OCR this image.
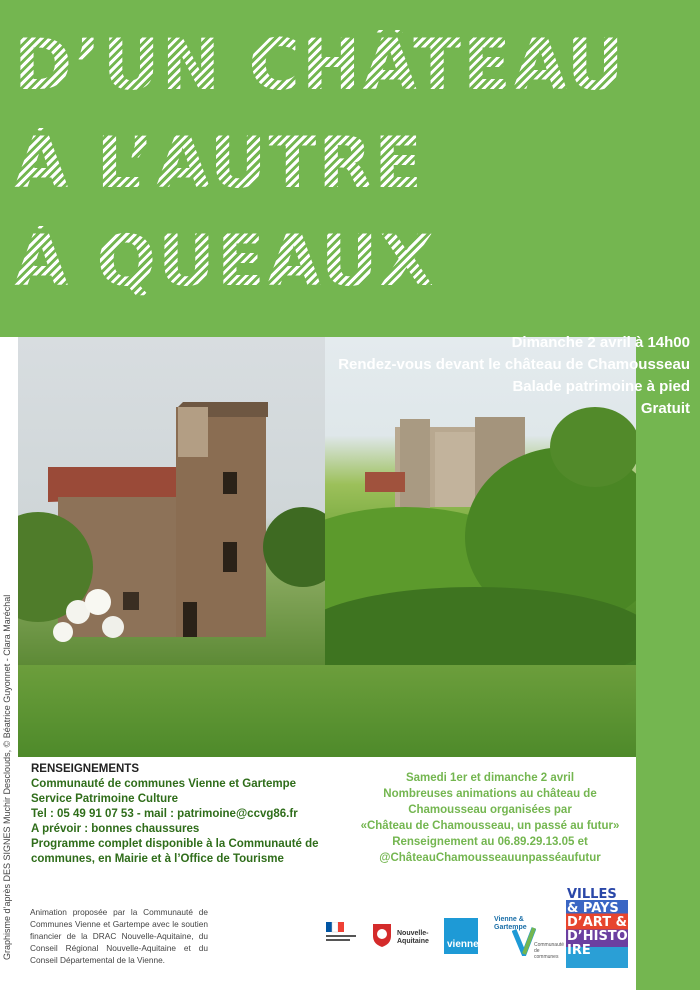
D’UN CHÂTEAU
À L’AUTRE
À QUEAUX
Dimanche 2 avril à 14h00
Rendez-vous devant le château de Chamousseau
Balade patrimoine à pied
Gratuit
Graphisme d’après DES SIGNES Muchir Desclouds, © Béatrice Guyonnet - Clara Maréchal RENSEIGNEMENTS
Communauté de communes Vienne et Gartempe
Service Patrimoine Culture
Tel : 05 49 91 07 53 - mail : patrimoine@ccvg86.fr
A prévoir : bonnes chaussures
Programme complet disponible à la Communauté de communes, en Mairie et à l’Office de Tourisme
Samedi 1er et dimanche 2 avril
Nombreuses animations au château de
Chamousseau organisées par
«Château de Chamousseau, un passé au futur»
Renseignement au 06.89.29.13.05 et
@ChâteauChamousseauunpasséaufutur
Animation proposée par la Communauté de Communes Vienne et Gartempe avec le soutien financier de la DRAC Nouvelle-Aquitaine, du Conseil Régional Nouvelle-Aquitaine et du Conseil Départemental de la Vienne.
Nouvelle-Aquitaine	vienne
Vienne & Gartempe
Communauté de communes
VILLES
& PAYS
D’ART &
D’HISTO
IRE
